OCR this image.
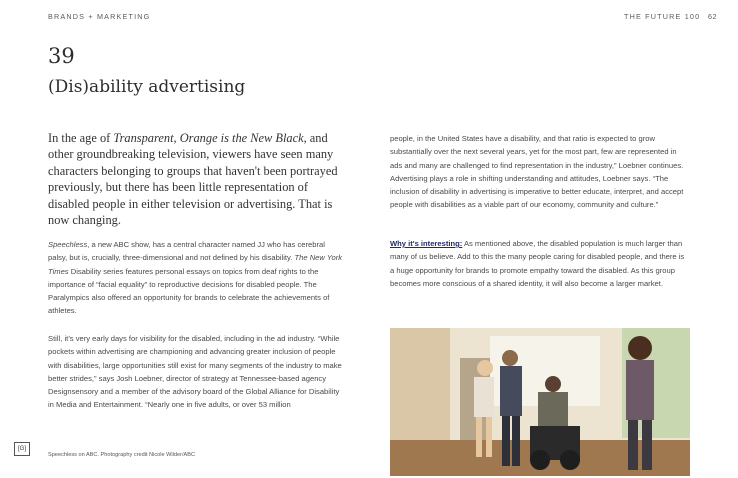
BRANDS + MARKETING	THE FUTURE 100 62
39
(Dis)ability advertising
In the age of Transparent, Orange is the New Black, and other groundbreaking television, viewers have seen many characters belonging to groups that haven't been portrayed previously, but there has been little representation of disabled people in either television or advertising. That is now changing.

Speechless, a new ABC show, has a central character named JJ who has cerebral palsy, but is, crucially, three-dimensional and not defined by his disability. The New York Times Disability series features personal essays on topics from deaf rights to the importance of “facial equality” to reproductive decisions for disabled people. The Paralympics also offered an opportunity for brands to celebrate the achievements of athletes.

Still, it’s very early days for visibility for the disabled, including in the ad industry. “While pockets within advertising are championing and advancing greater inclusion of people with disabilities, large opportunities still exist for many segments of the industry to make better strides,” says Josh Loebner, director of strategy at Tennessee-based agency Designsensory and a member of the advisory board of the Global Alliance for Disability in Media and Entertainment. “Nearly one in five adults, or over 53 million

people, in the United States have a disability, and that ratio is expected to grow substantially over the next several years, yet for the most part, few are represented in ads and many are challenged to find representation in the industry,” Loebner continues. Advertising plays a role in shifting understanding and attitudes, Loebner says. “The inclusion of disability in advertising is imperative to better educate, interpret, and accept people with disabilities as a viable part of our economy, community and culture.”

Why it's interesting: As mentioned above, the disabled population is much larger than many of us believe. Add to this the many people caring for disabled people, and there is a huge opportunity for brands to promote empathy toward the disabled. As this group becomes more conscious of a shared identity, it will also become a larger market.

[G]
Speechless on ABC. Photography credit Nicole Wilder/ABC
